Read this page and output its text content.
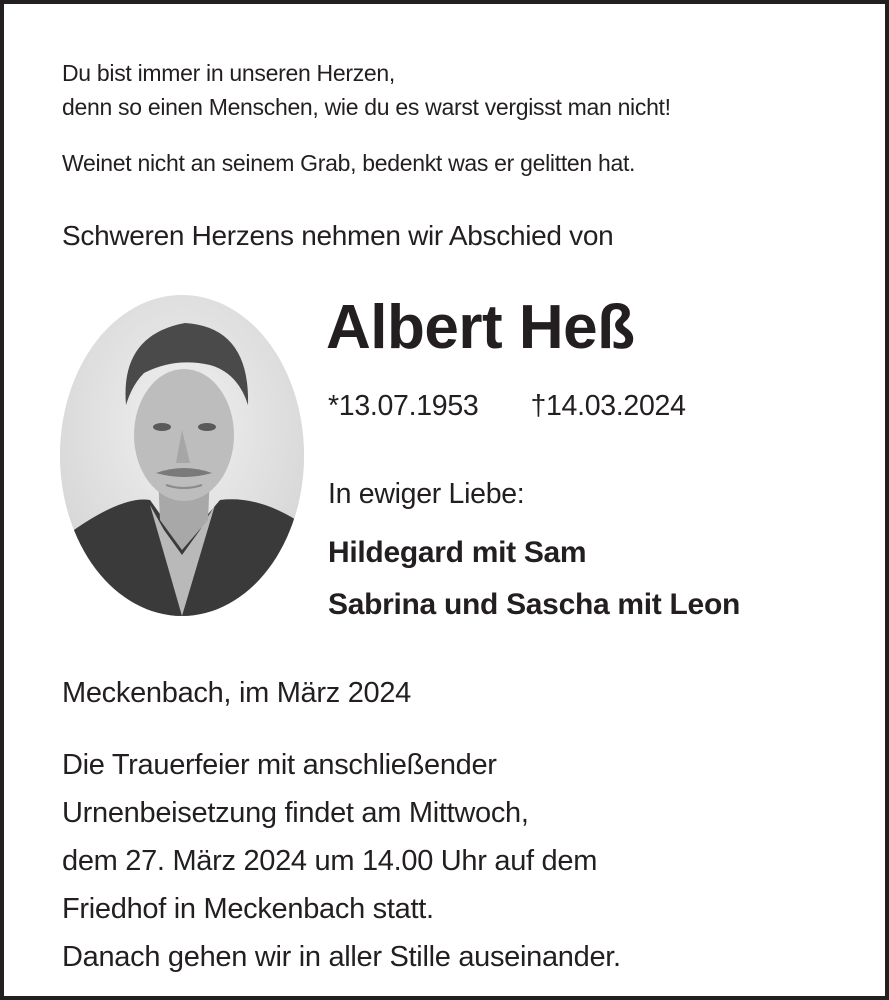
Du bist immer in unseren Herzen,
denn so einen Menschen, wie du es warst vergisst man nicht!
Weinet nicht an seinem Grab, bedenkt was er gelitten hat.
Schweren Herzens nehmen wir Abschied von
Albert Heß
*13.07.1953 †14.03.2024
In ewiger Liebe:
Hildegard mit Sam
Sabrina und Sascha mit Leon
Meckenbach, im März 2024
Die Trauerfeier mit anschließender
Urnenbeisetzung findet am Mittwoch,
dem 27. März 2024 um 14.00 Uhr auf dem
Friedhof in Meckenbach statt.
Danach gehen wir in aller Stille auseinander.
